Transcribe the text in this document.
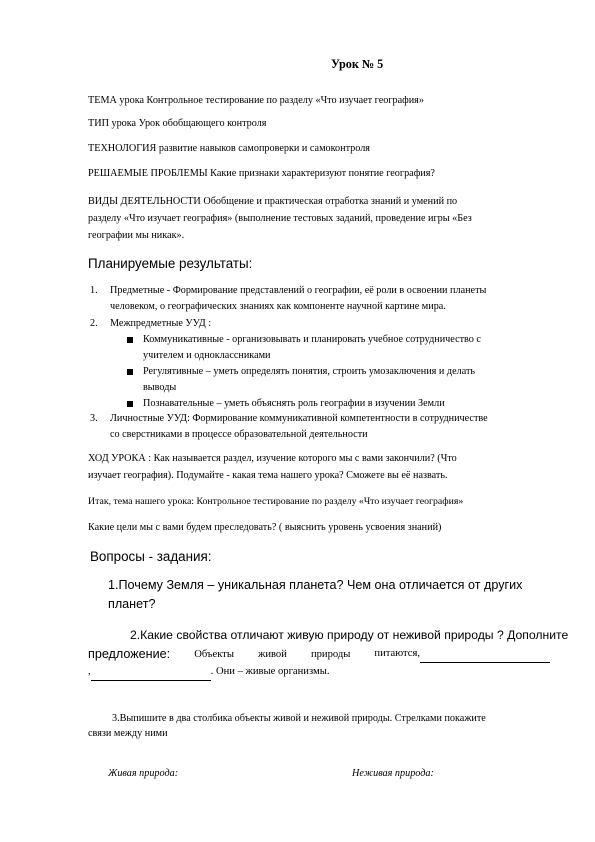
Урок № 5
ТЕМА урока Контрольное тестирование по разделу «Что изучает география»
ТИП урока Урок обобщающего контроля
ТЕХНОЛОГИЯ развитие навыков самопроверки и самоконтроля
РЕШАЕМЫЕ ПРОБЛЕМЫ Какие признаки характеризуют понятие география?
ВИДЫ ДЕЯТЕЛЬНОСТИ Обобщение и практическая отработка знаний и умений по
разделу «Что изучает география» (выполнение тестовых заданий, проведение игры «Без
географии мы никак».
Планируемые результаты:
1. Предметные - Формирование представлений о географии, её роли в освоении планеты
человеком, о географических знаниях как компоненте научной картине мира.
2. Межпредметные УУД :
Коммуникативные - организовывать и планировать учебное сотрудничество с
учителем и одноклассниками
Регулятивные – уметь определять понятия, строить умозаключения и делать
выводы
Познавательные – уметь объяснять роль географии в изучении Земли
3. Личностные УУД: Формирование коммуникативной компетентности в сотрудничестве
со сверстниками в процессе образовательной деятельности
ХОД УРОКА : Как называется раздел, изучение которого мы с вами закончили? (Что
изучает география). Подумайте - какая тема нашего урока? Сможете вы её назвать.
Итак, тема нашего урока: Контрольное тестирование по разделу «Что изучает география»
Какие цели мы с вами будем преследовать? ( выяснить уровень усвоения знаний)
Вопросы - задания:
1.Почему Земля – уникальная планета? Чем она отличается от других
планет?
2.Какие свойства отличают живую природу от неживой природы ? Дополните
предложение: Объекты живой природы питаются,
,	. Они – живые организмы.
3.Выпишите в два столбика объекты живой и неживой природы. Стрелками покажите
связи между ними
Живая природа:	Неживая природа:
